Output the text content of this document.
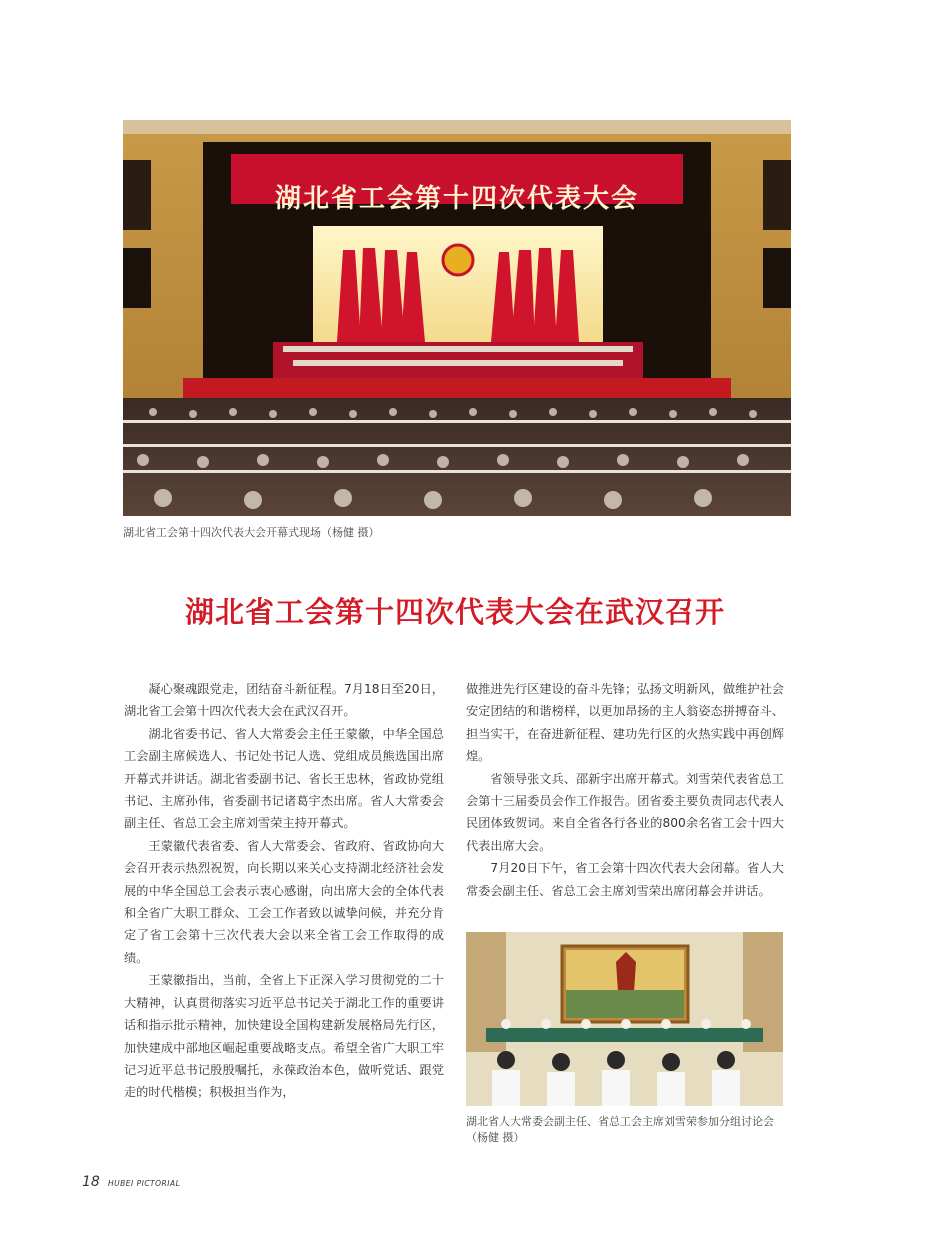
湖北省工会第十四次代表大会
湖北省工会第十四次代表大会开幕式现场（杨健 摄）
湖北省工会第十四次代表大会在武汉召开

凝心聚魂跟党走，团结奋斗新征程。7月18日至20日，湖北省工会第十四次代表大会在武汉召开。

湖北省委书记、省人大常委会主任王蒙徽，中华全国总工会副主席候选人、书记处书记人选、党组成员熊选国出席开幕式并讲话。湖北省委副书记、省长王忠林，省政协党组书记、主席孙伟，省委副书记诸葛宇杰出席。省人大常委会副主任、省总工会主席刘雪荣主持开幕式。

王蒙徽代表省委、省人大常委会、省政府、省政协向大会召开表示热烈祝贺，向长期以来关心支持湖北经济社会发展的中华全国总工会表示衷心感谢，向出席大会的全体代表和全省广大职工群众、工会工作者致以诚挚问候，并充分肯定了省工会第十三次代表大会以来全省工会工作取得的成绩。

王蒙徽指出，当前，全省上下正深入学习贯彻党的二十大精神，认真贯彻落实习近平总书记关于湖北工作的重要讲话和指示批示精神，加快建设全国构建新发展格局先行区，加快建成中部地区崛起重要战略支点。希望全省广大职工牢记习近平总书记殷殷嘱托，永葆政治本色，做听党话、跟党走的时代楷模；积极担当作为，

做推进先行区建设的奋斗先锋；弘扬文明新风，做维护社会安定团结的和谐榜样，以更加昂扬的主人翁姿态拼搏奋斗、担当实干，在奋进新征程、建功先行区的火热实践中再创辉煌。

省领导张文兵、邵新宇出席开幕式。刘雪荣代表省总工会第十三届委员会作工作报告。团省委主要负责同志代表人民团体致贺词。来自全省各行各业的800余名省工会十四大代表出席大会。

7月20日下午，省工会第十四次代表大会闭幕。省人大常委会副主任、省总工会主席刘雪荣出席闭幕会并讲话。

湖北省人大常委会副主任、省总工会主席刘雪荣参加分组讨论会（杨健 摄）
18 HUBEI PICTORIAL
